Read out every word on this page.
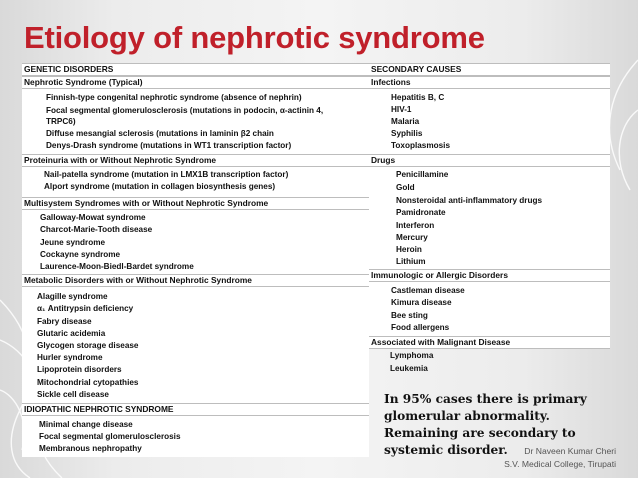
Etiology of nephrotic syndrome
GENETIC DISORDERS
Nephrotic Syndrome (Typical)
Finnish-type congenital nephrotic syndrome (absence of nephrin)
Focal segmental glomerulosclerosis (mutations in podocin, α-actinin 4,
TRPC6)
Diffuse mesangial sclerosis (mutations in laminin β2 chain
Denys-Drash syndrome (mutations in WT1 transcription factor)
Proteinuria with or Without Nephrotic Syndrome
Nail-patella syndrome (mutation in LMX1B transcription factor)
Alport syndrome (mutation in collagen biosynthesis genes)
Multisystem Syndromes with or Without Nephrotic Syndrome
Galloway-Mowat syndrome
Charcot-Marie-Tooth disease
Jeune syndrome
Cockayne syndrome
Laurence-Moon-Biedl-Bardet syndrome
Metabolic Disorders with or Without Nephrotic Syndrome
Alagille syndrome
α₁ Antitrypsin deficiency
Fabry disease
Glutaric acidemia
Glycogen storage disease
Hurler syndrome
Lipoprotein disorders
Mitochondrial cytopathies
Sickle cell disease
IDIOPATHIC NEPHROTIC SYNDROME
Minimal change disease
Focal segmental glomerulosclerosis
Membranous nephropathy
SECONDARY CAUSES
Infections
Hepatitis B, C
HIV-1
Malaria
Syphilis
Toxoplasmosis
Drugs
Penicillamine
Gold
Nonsteroidal anti-inflammatory drugs
Pamidronate
Interferon
Mercury
Heroin
Lithium
Immunologic or Allergic Disorders
Castleman disease
Kimura disease
Bee sting
Food allergens
Associated with Malignant Disease
Lymphoma
Leukemia
In 95% cases there is primary glomerular abnormality. Remaining are secondary to systemic disorder.	Dr Naveen Kumar Cheri
S.V. Medical College, Tirupati
